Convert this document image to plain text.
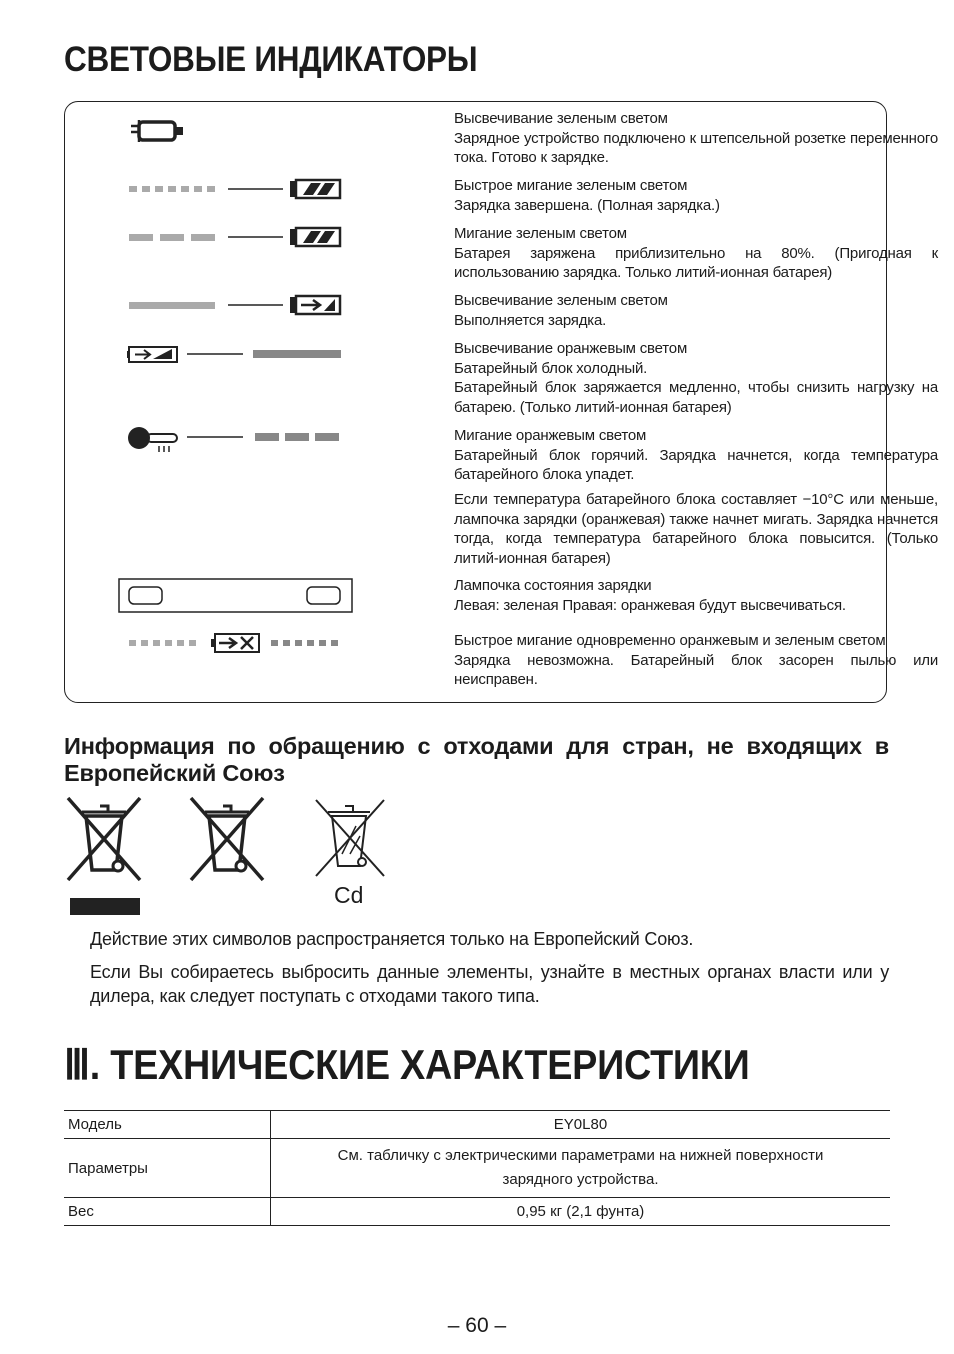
СВЕТОВЫЕ ИНДИКАТОРЫ
Высвечивание зеленым светом
Зарядное устройство подключено к штепсельной розетке переменного тока. Готово к зарядке.
Быстрое мигание зеленым светом
Зарядка завершена. (Полная зарядка.)
Мигание зеленым светом
Батарея заряжена приблизительно на 80%. (Пригодная к использованию зарядка. Только литий-ионная батарея)
Высвечивание зеленым светом
Выполняется зарядка.
Высвечивание оранжевым светом
Батарейный блок холодный.
Батарейный блок заряжается медленно, чтобы снизить нагрузку на батарею. (Только литий-ионная батарея)
Мигание оранжевым светом
Батарейный блок горячий. Зарядка начнется, когда температура батарейного блока упадет.
Если температура батарейного блока составляет −10°С или меньше, лампочка зарядки (оранжевая) также начнет мигать. Зарядка начнется тогда, когда температура батарейного блока повысится. (Только литий-ионная батарея)
Лампочка состояния зарядки
Левая: зеленая Правая: оранжевая будут высвечиваться.
Быстрое мигание одновременно оранжевым и зеленым светом
Зарядка невозможна. Батарейный блок засорен пылью или неисправен.
Информация по обращению с отходами для стран, не входящих в Европейский Союз
Cd
Действие этих символов распространяется только на Европейский Союз.
Если Вы собираетесь выбросить данные элементы, узнайте в местных органах власти или у дилера, как следует поступать с отходами такого типа.
Ⅲ. ТЕХНИЧЕСКИЕ ХАРАКТЕРИСТИКИ
Модель	EY0L80
Параметры	См. табличку с электрическими параметрами на нижней поверхности зарядного устройства.
Вес	0,95 кг (2,1 фунта)
– 60 –
